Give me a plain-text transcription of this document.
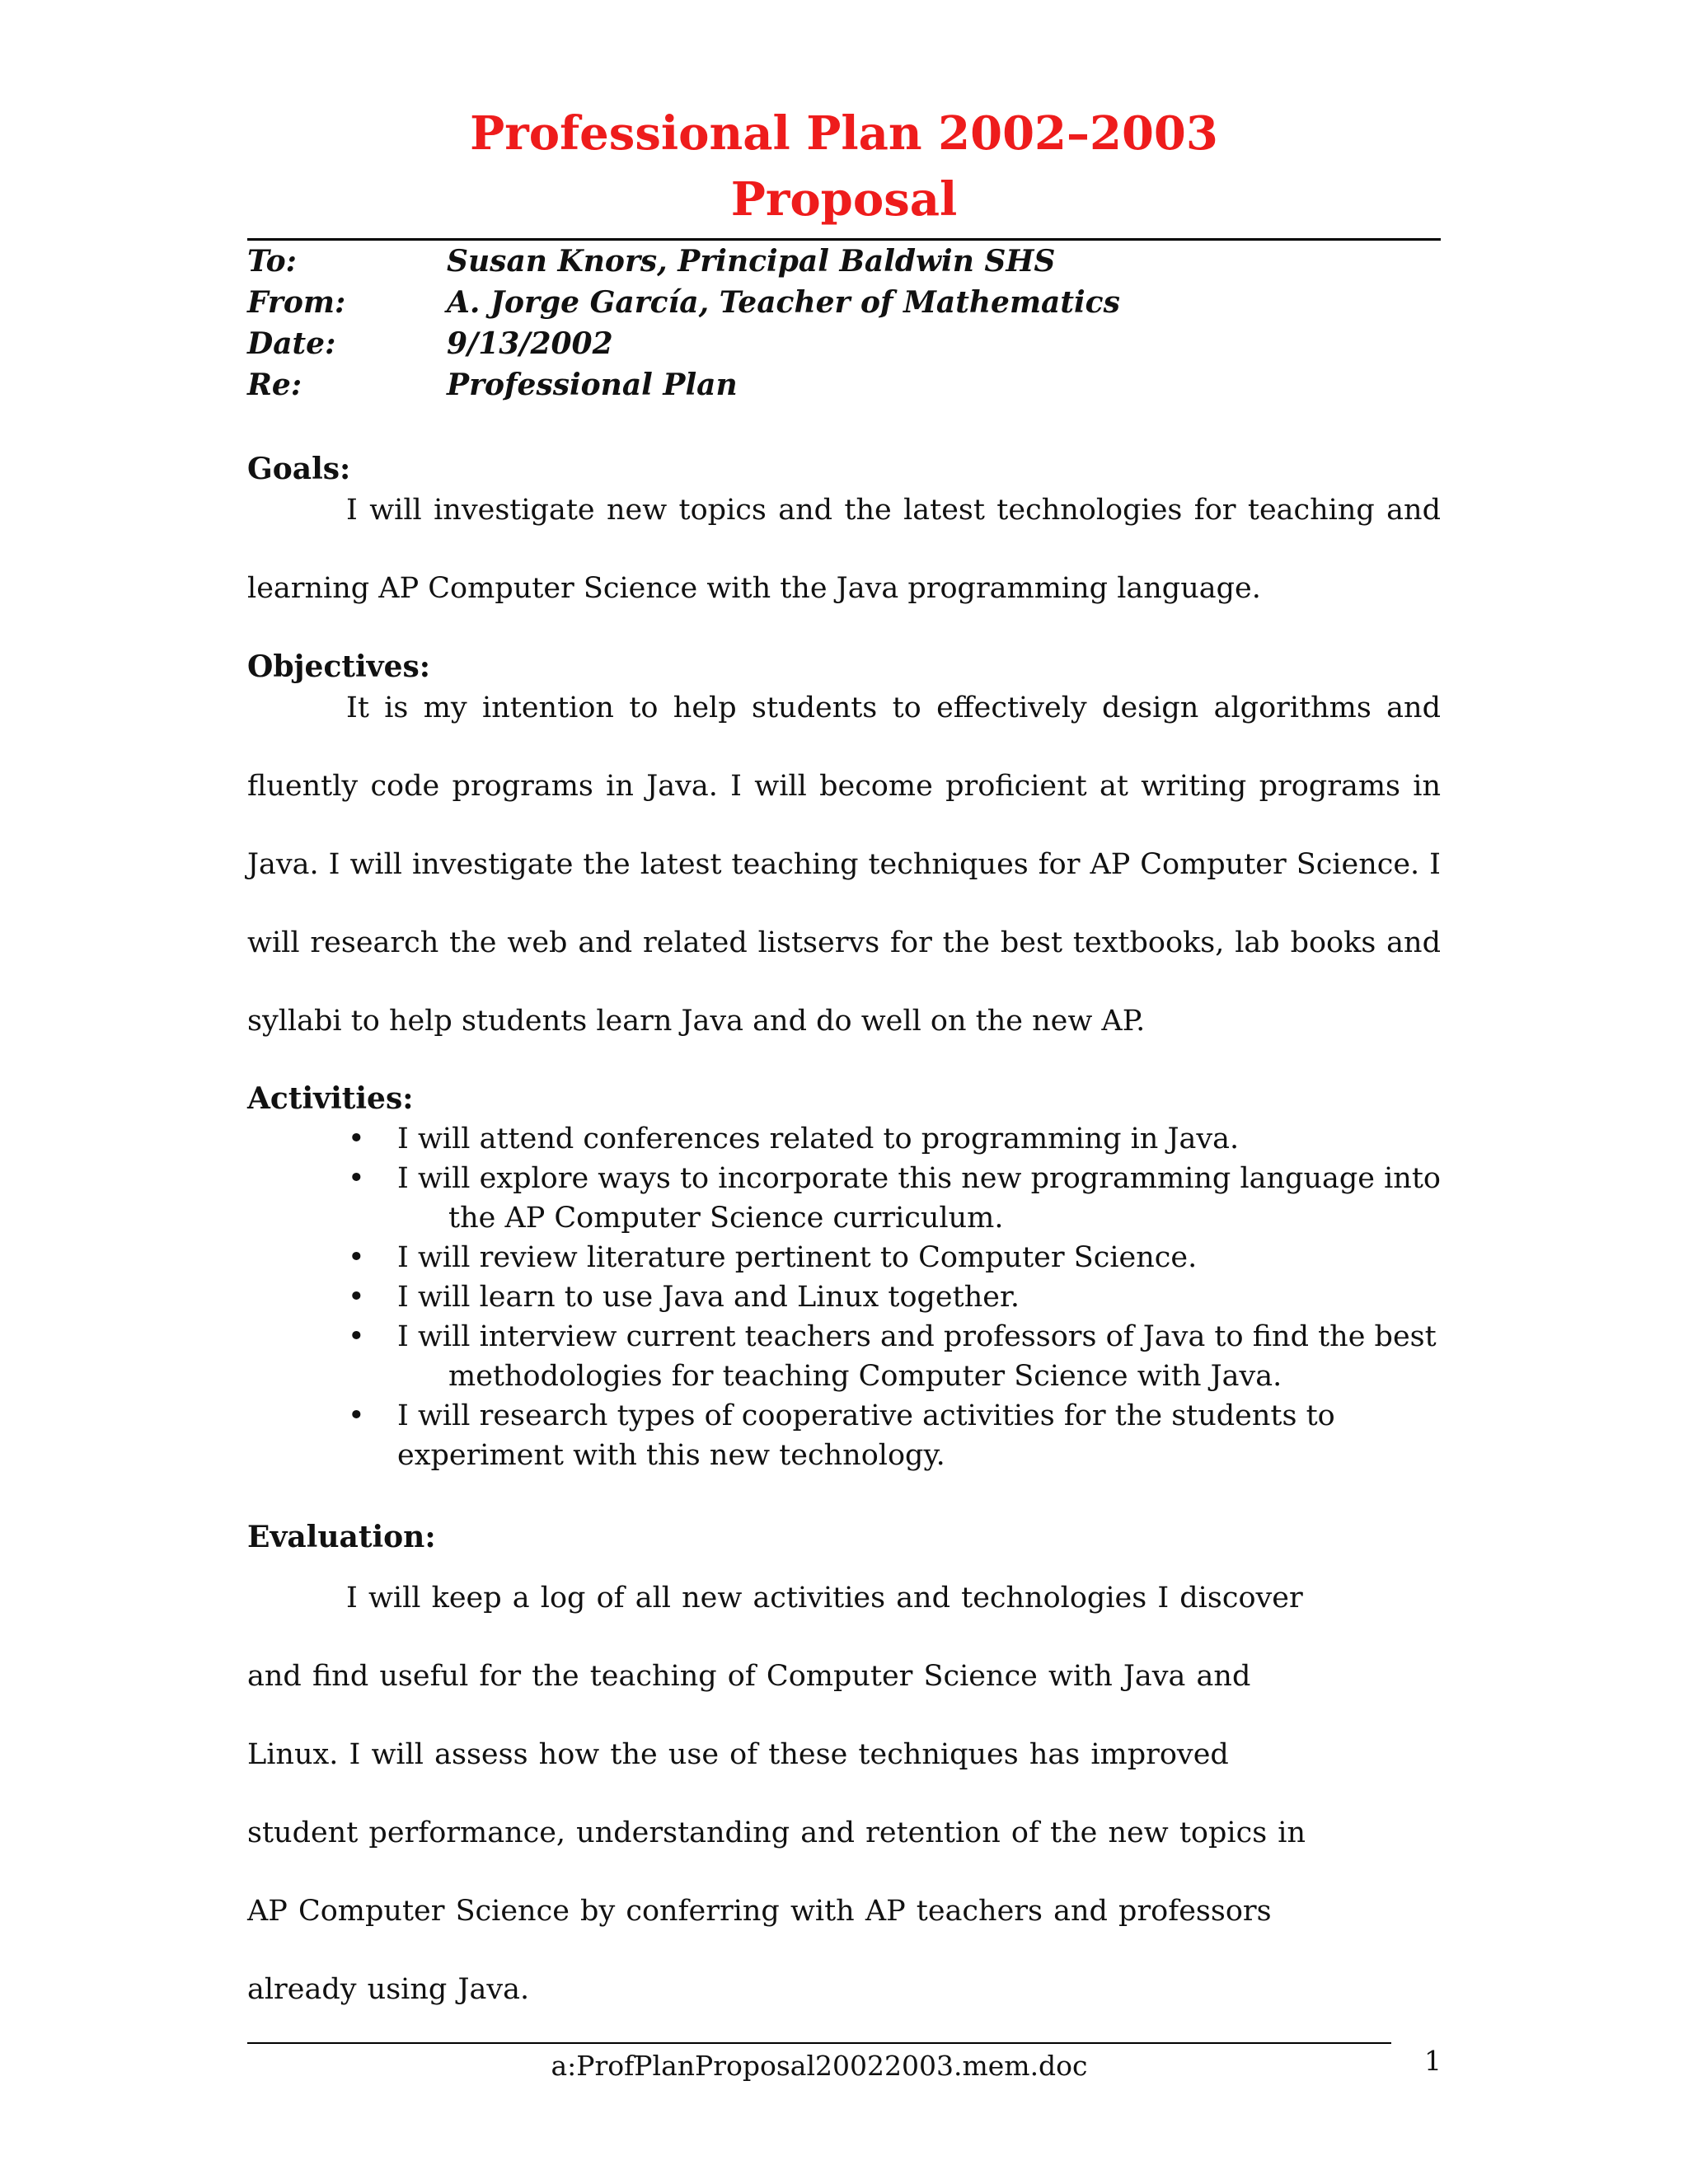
Professional Plan 2002–2003
Proposal
To:	Susan Knors, Principal Baldwin SHS
From:	A. Jorge García, Teacher of Mathematics
Date:	9/13/2002
Re:	Professional Plan
Goals:
I will investigate new topics and the latest technologies for teaching and learning AP Computer Science with the Java programming language.
Objectives:
It is my intention to help students to effectively design algorithms and fluently code programs in Java. I will become proficient at writing programs in Java. I will investigate the latest teaching techniques for AP Computer Science. I will research the web and related listservs for the best textbooks, lab books and syllabi to help students learn Java and do well on the new AP.
Activities:
• I will attend conferences related to programming in Java.
• I will explore ways to incorporate this new programming language into
the AP Computer Science curriculum.
• I will review literature pertinent to Computer Science.
• I will learn to use Java and Linux together.
• I will interview current teachers and professors of Java to find the best
methodologies for teaching Computer Science with Java.
• I will research types of cooperative activities for the students to
experiment with this new technology.
Evaluation:
I will keep a log of all new activities and technologies I discover and find useful for the teaching of Computer Science with Java and Linux. I will assess how the use of these techniques has improved student performance, understanding and retention of the new topics in AP Computer Science by conferring with AP teachers and professors already using Java.
a:ProfPlanProposal20022003.mem.doc	1
